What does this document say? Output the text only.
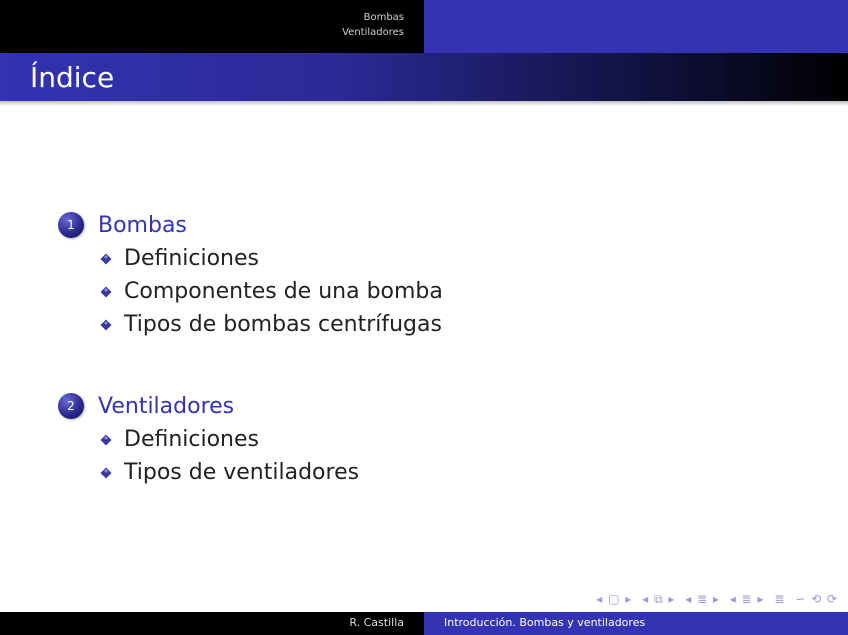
Bombas
Ventiladores
Índice
1	Bombas
Definiciones
Componentes de una bomba
Tipos de bombas centrífugas
2	Ventiladores
Definiciones
Tipos de ventiladores
◂ ▢ ▸ ◂ ⧉ ▸ ◂ ≣ ▸ ◂ ≣ ▸ ≣ ∽ ⟲ ⟳
R. Castilla	Introducción. Bombas y ventiladores
